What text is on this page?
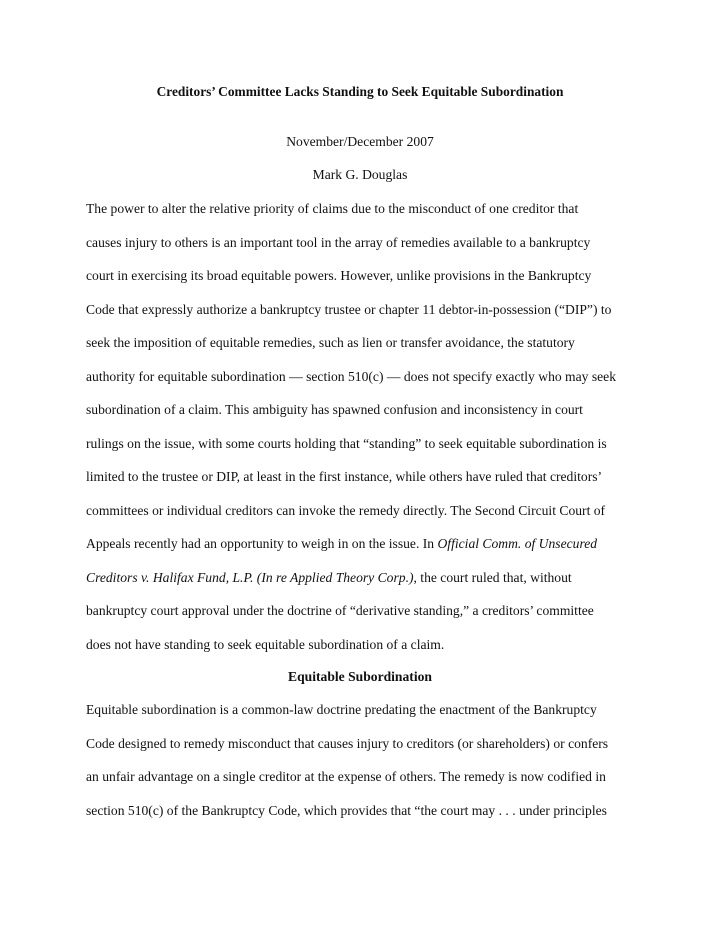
Creditors’ Committee Lacks Standing to Seek Equitable Subordination
November/December 2007
Mark G. Douglas
The power to alter the relative priority of claims due to the misconduct of one creditor that
causes injury to others is an important tool in the array of remedies available to a bankruptcy
court in exercising its broad equitable powers. However, unlike provisions in the Bankruptcy
Code that expressly authorize a bankruptcy trustee or chapter 11 debtor-in-possession (“DIP”) to
seek the imposition of equitable remedies, such as lien or transfer avoidance, the statutory
authority for equitable subordination — section 510(c) — does not specify exactly who may seek
subordination of a claim. This ambiguity has spawned confusion and inconsistency in court
rulings on the issue, with some courts holding that “standing” to seek equitable subordination is
limited to the trustee or DIP, at least in the first instance, while others have ruled that creditors’
committees or individual creditors can invoke the remedy directly. The Second Circuit Court of
Appeals recently had an opportunity to weigh in on the issue. In Official Comm. of Unsecured
Creditors v. Halifax Fund, L.P. (In re Applied Theory Corp.), the court ruled that, without
bankruptcy court approval under the doctrine of “derivative standing,” a creditors’ committee
does not have standing to seek equitable subordination of a claim.
Equitable Subordination
Equitable subordination is a common-law doctrine predating the enactment of the Bankruptcy
Code designed to remedy misconduct that causes injury to creditors (or shareholders) or confers
an unfair advantage on a single creditor at the expense of others. The remedy is now codified in
section 510(c) of the Bankruptcy Code, which provides that “the court may . . . under principles
